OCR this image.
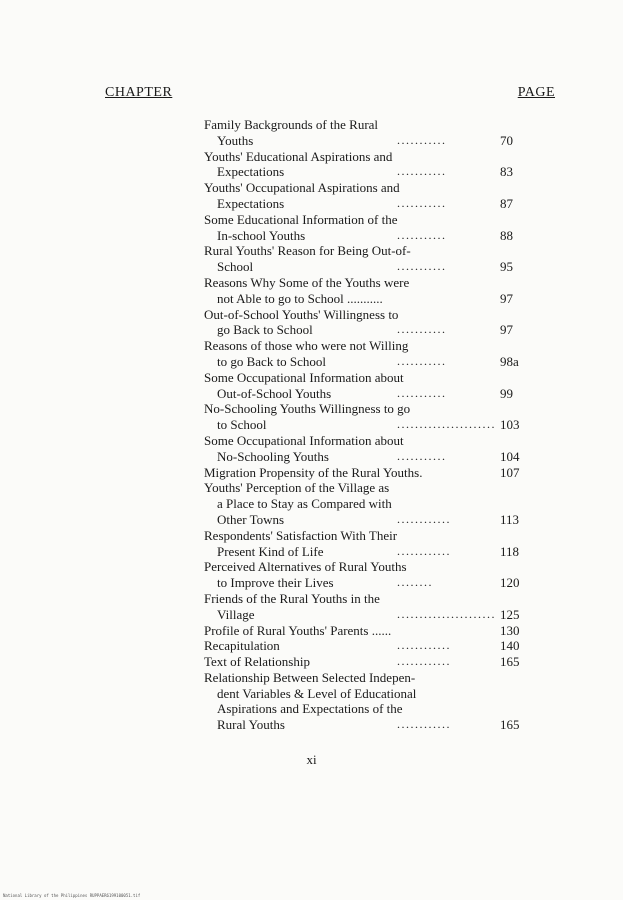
CHAPTER	PAGE
Family Backgrounds of the Rural
Youths	...........	70
Youths' Educational Aspirations and
Expectations	...........	83
Youths' Occupational Aspirations and
Expectations	...........	87
Some Educational Information of the
In-school Youths	...........	88
Rural Youths' Reason for Being Out-of-
School	...........	95
Reasons Why Some of the Youths were
not Able to go to School ...........	97
Out-of-School Youths' Willingness to
go Back to School	...........	97
Reasons of those who were not Willing
to go Back to School	...........	98a
Some Occupational Information about
Out-of-School Youths	...........	99
No-Schooling Youths Willingness to go
to School	...................... 103
Some Occupational Information about
No-Schooling Youths	...........	104
Migration Propensity of the Rural Youths.	107
Youths' Perception of the Village as
a Place to Stay as Compared with
Other Towns	............	113
Respondents' Satisfaction With Their
Present Kind of Life	............	118
Perceived Alternatives of Rural Youths
to Improve their Lives	........	120
Friends of the Rural Youths in the
Village	...................... 125
Profile of Rural Youths' Parents ......	130
Recapitulation	............	140
Text of Relationship	............	165
Relationship Between Selected Indepen-
dent Variables & Level of Educational
Aspirations and Expectations of the
Rural Youths	............	165
xi
National Library of the Philippines RUPPAER6199100051.tif
